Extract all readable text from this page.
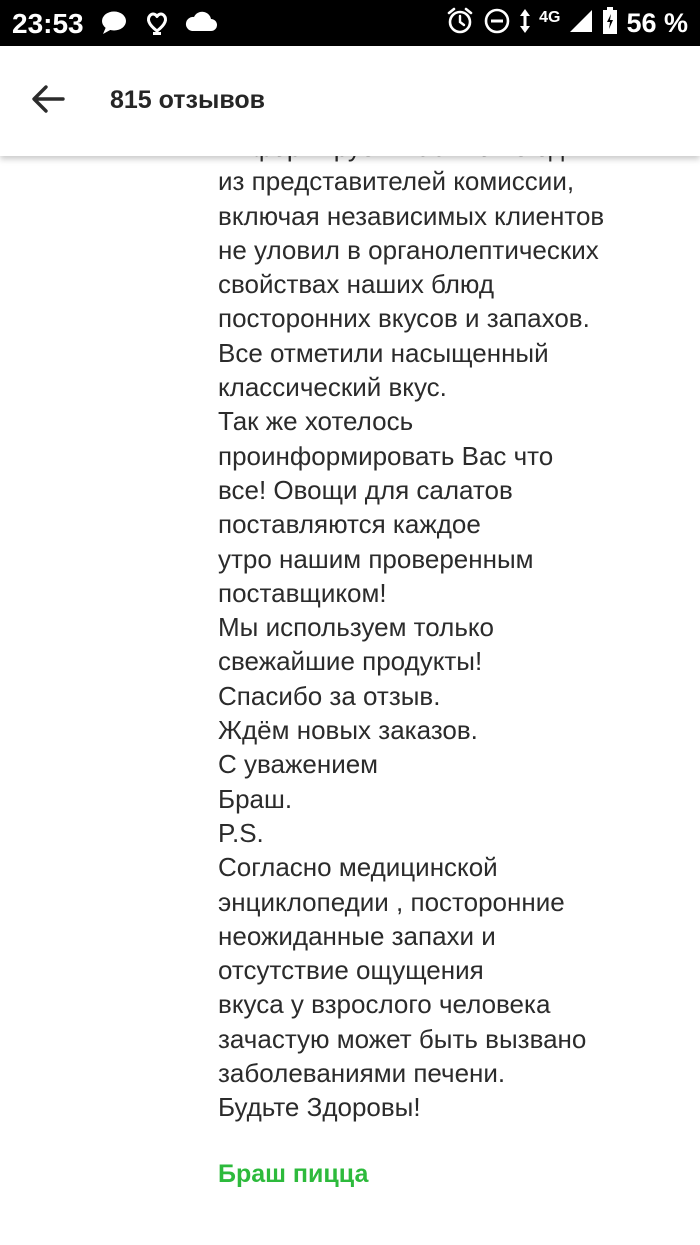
23:53	4G 56 %
815 отзывов
из представителей комиссии,
включая независимых клиентов
не уловил в органолептических
свойствах наших блюд
посторонних вкусов и запахов.
Все отметили насыщенный
классический вкус.
Так же хотелось
проинформировать Вас что
все! Овощи для салатов
поставляются каждое
утро нашим проверенным
поставщиком!
Мы используем только
свежайшие продукты!
Спасибо за отзыв.
Ждём новых заказов.
С уважением
Браш.
P.S.
Согласно медицинской
энциклопедии , посторонние
неожиданные запахи и
отсутствие ощущения
вкуса у взрослого человека
зачастую может быть вызвано
заболеваниями печени.
Будьте Здоровы!
Браш пицца
